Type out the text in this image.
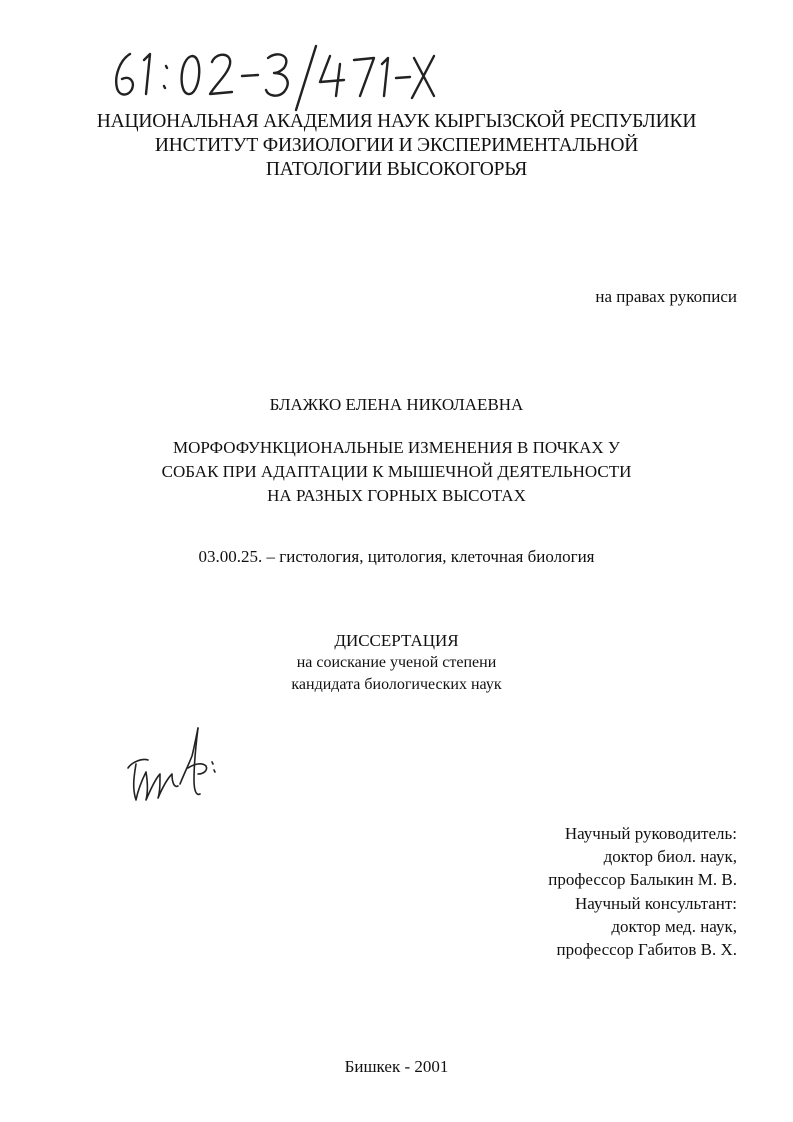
НАЦИОНАЛЬНАЯ АКАДЕМИЯ НАУК КЫРГЫЗСКОЙ РЕСПУБЛИКИ
ИНСТИТУТ ФИЗИОЛОГИИ И ЭКСПЕРИМЕНТАЛЬНОЙ
ПАТОЛОГИИ ВЫСОКОГОРЬЯ
на правах рукописи
БЛАЖКО ЕЛЕНА НИКОЛАЕВНА
МОРФОФУНКЦИОНАЛЬНЫЕ ИЗМЕНЕНИЯ В ПОЧКАХ У
СОБАК ПРИ АДАПТАЦИИ К МЫШЕЧНОЙ ДЕЯТЕЛЬНОСТИ
НА РАЗНЫХ ГОРНЫХ ВЫСОТАХ
03.00.25. – гистология, цитология, клеточная биология
ДИССЕРТАЦИЯ
на соискание ученой степени
кандидата биологических наук
Научный руководитель:
доктор биол. наук,
профессор Балыкин М. В.
Научный консультант:
доктор мед. наук,
профессор Габитов В. Х.
Бишкек - 2001
